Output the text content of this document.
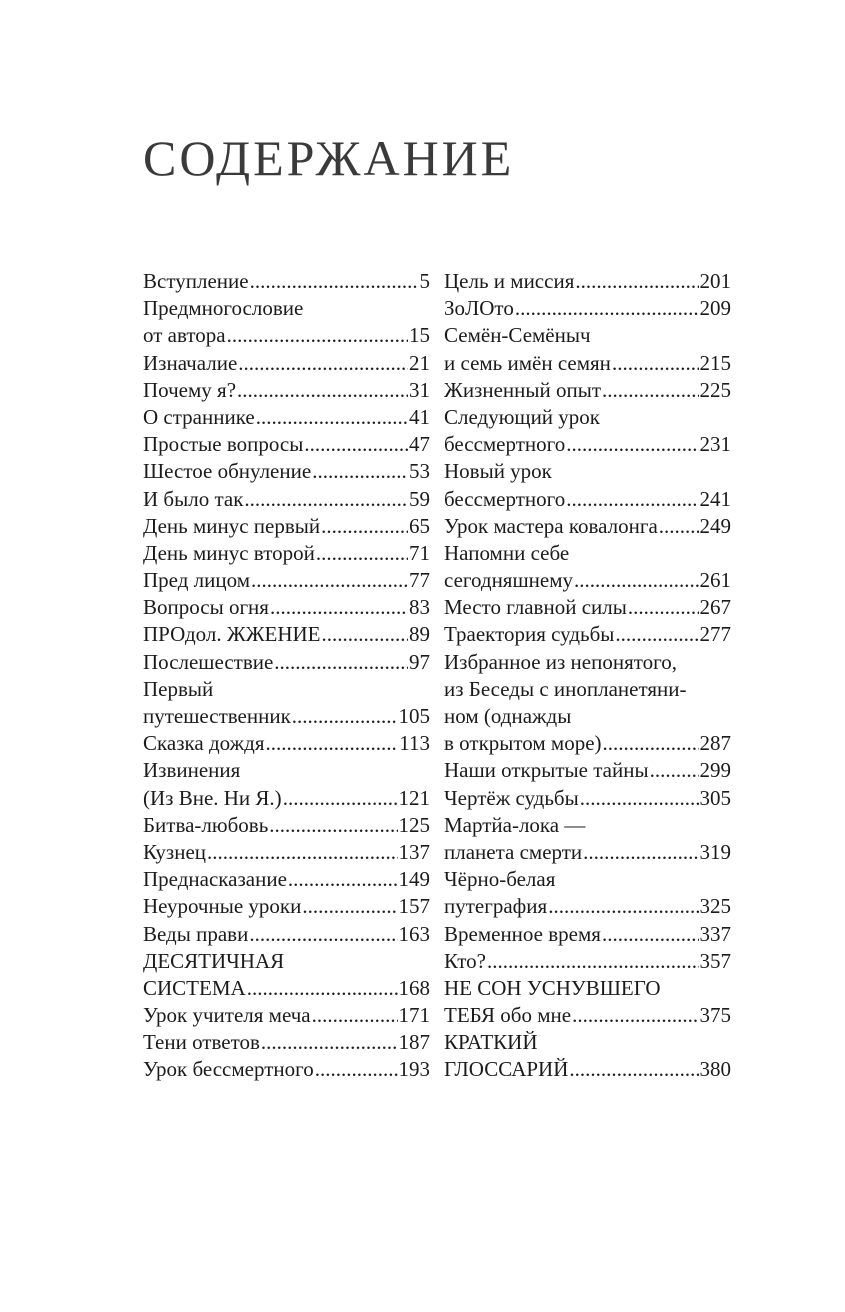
СОДЕРЖАНИЕ
Вступление .....	5
Предмногословие
от автора .....	15
Изначалие .....	21
Почему я? .....	31
О страннике .....	41
Простые вопросы .....	47
Шестое обнуление .....	53
И было так .....	59
День минус первый .....	65
День минус второй .....	71
Пред лицом .....	77
Вопросы огня .....	83
ПРОдол. ЖЖЕНИЕ .....	89
Послешествие .....	97
Первый
путешественник .....	105
Сказка дождя .....	113
Извинения
(Из Вне. Ни Я.) .....	121
Битва-любовь .....	125
Кузнец .....	137
Преднасказание .....	149
Неурочные уроки .....	157
Веды прави .....	163
ДЕСЯТИЧНАЯ
СИСТЕМА .....	168
Урок учителя меча .....	171
Тени ответов .....	187
Урок бессмертного .....	193
Цель и миссия .....	201
ЗоЛОто .....	209
Семён-Семёныч
и семь имён семян .....	215
Жизненный опыт .....	225
Следующий урок
бессмертного .....	231
Новый урок
бессмертного .....	241
Урок мастера ковалонга ..... 249
Напомни себе
сегодняшнему .....	261
Место главной силы .....	267
Траектория судьбы .....	277
Избранное из непонятого,
из Беседы с инопланетяни-
ном (однажды
в открытом море) .....	287
Наши открытые тайны ..... 299
Чертёж судьбы .....	305
Мартйа-лока —
планета смерти .....	319
Чёрно-белая
путеграфия .....	325
Временное время .....	337
Кто? .....	357
НЕ СОН УСНУВШЕГО
ТЕБЯ обо мне .....	375
КРАТКИЙ
ГЛОССАРИЙ .....	380
